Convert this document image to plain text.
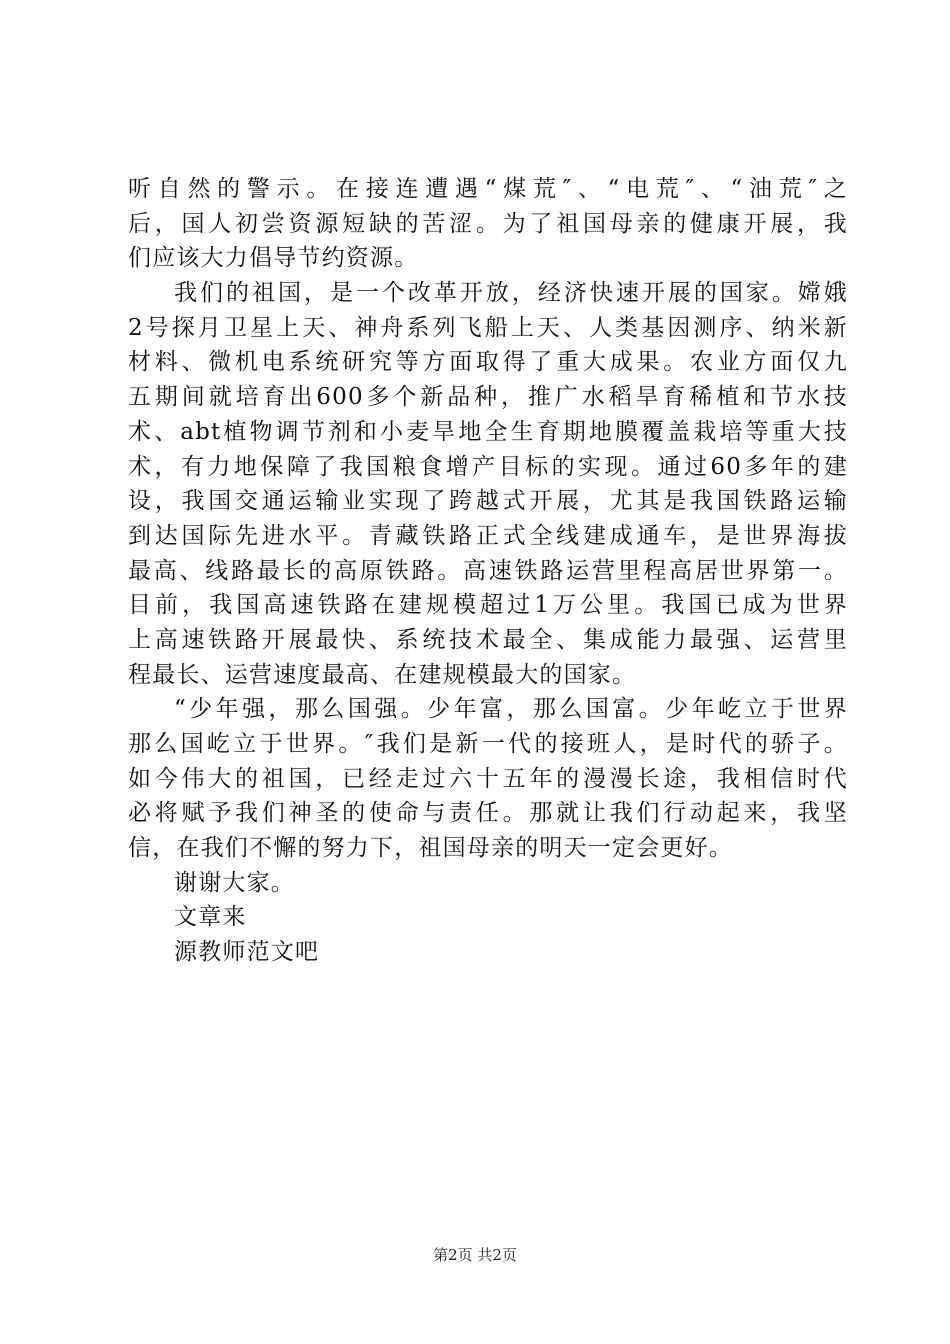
听自然的警示。在接连遭遇“煤荒″、“电荒″、“油荒″之
后，国人初尝资源短缺的苦涩。为了祖国母亲的健康开展，我
们应该大力倡导节约资源。
我们的祖国，是一个改革开放，经济快速开展的国家。嫦娥
2号探月卫星上天、神舟系列飞船上天、人类基因测序、纳米新
材料、微机电系统研究等方面取得了重大成果。农业方面仅九
五期间就培育出600多个新品种，推广水稻旱育稀植和节水技
术、abt植物调节剂和小麦旱地全生育期地膜覆盖栽培等重大技
术，有力地保障了我国粮食增产目标的实现。通过60多年的建
设，我国交通运输业实现了跨越式开展，尤其是我国铁路运输
到达国际先进水平。青藏铁路正式全线建成通车，是世界海拔
最高、线路最长的高原铁路。高速铁路运营里程高居世界第一。
目前，我国高速铁路在建规模超过1万公里。我国已成为世界
上高速铁路开展最快、系统技术最全、集成能力最强、运营里
程最长、运营速度最高、在建规模最大的国家。
“少年强，那么国强。少年富，那么国富。少年屹立于世界
那么国屹立于世界。″我们是新一代的接班人，是时代的骄子。
如今伟大的祖国，已经走过六十五年的漫漫长途，我相信时代
必将赋予我们神圣的使命与责任。那就让我们行动起来，我坚
信，在我们不懈的努力下，祖国母亲的明天一定会更好。
谢谢大家。
文章来
源教师范文吧
第2页 共2页
